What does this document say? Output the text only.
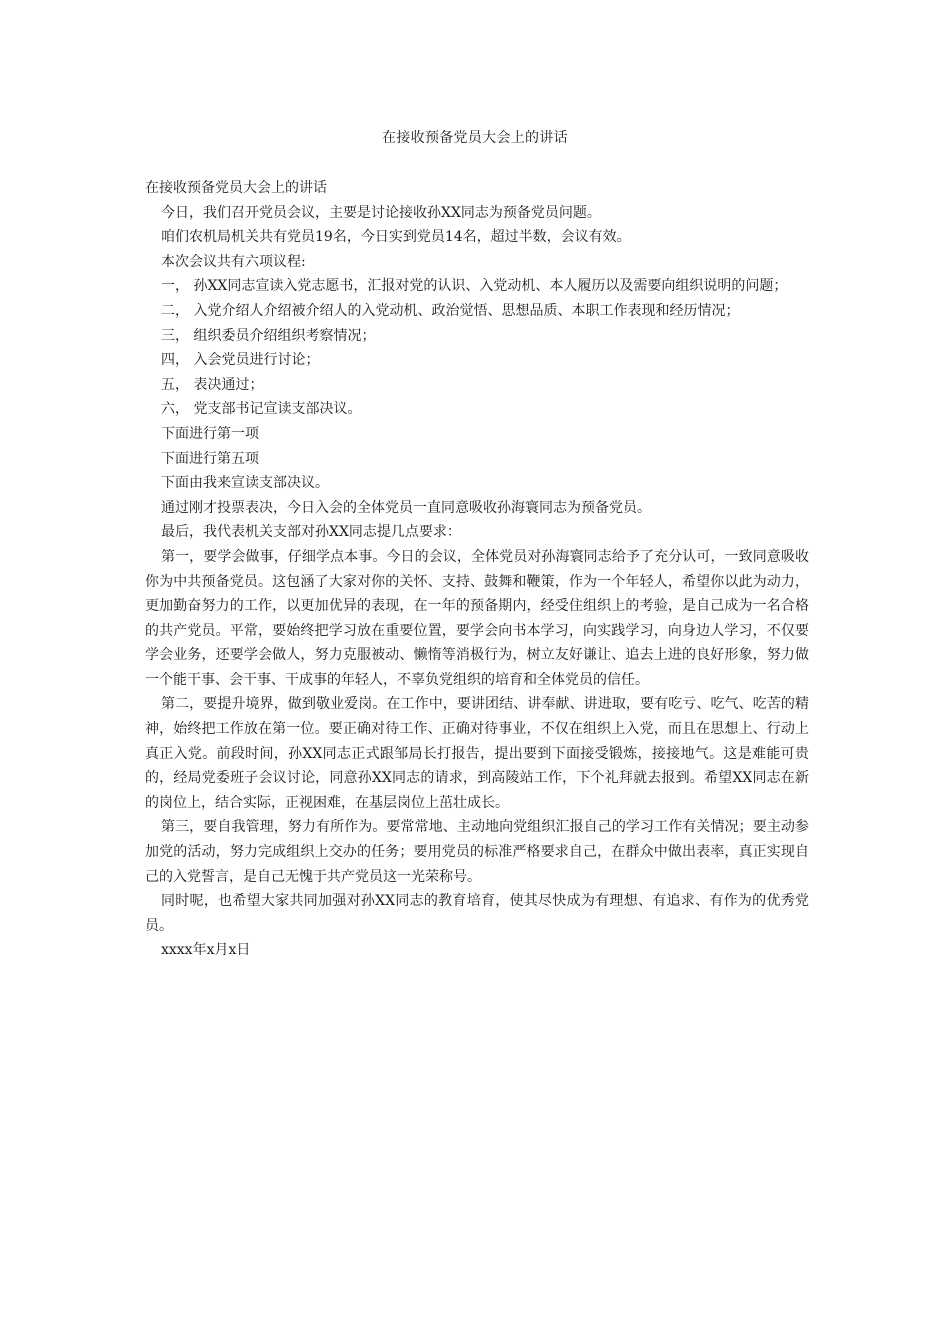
在接收预备党员大会上的讲话

在接收预备党员大会上的讲话

今日，我们召开党员会议，主要是讨论接收孙XX同志为预备党员问题。

咱们农机局机关共有党员19名，今日实到党员14名，超过半数，会议有效。

本次会议共有六项议程:

一， 孙XX同志宣读入党志愿书，汇报对党的认识、入党动机、本人履历以及需要向组织说明的问题；

二， 入党介绍人介绍被介绍人的入党动机、政治觉悟、思想品质、本职工作表现和经历情况；

三， 组织委员介绍组织考察情况；

四， 入会党员进行讨论；

五， 表决通过；

六， 党支部书记宣读支部决议。

下面进行第一项

下面进行第五项

下面由我来宣读支部决议。

通过刚才投票表决，今日入会的全体党员一直同意吸收孙海寰同志为预备党员。

最后，我代表机关支部对孙XX同志提几点要求：

第一，要学会做事，仔细学点本事。今日的会议，全体党员对孙海寰同志给予了充分认可，一致同意吸收你为中共预备党员。这包涵了大家对你的关怀、支持、鼓舞和鞭策，作为一个年轻人，希望你以此为动力，更加勤奋努力的工作，以更加优异的表现，在一年的预备期内，经受住组织上的考验，是自己成为一名合格的共产党员。平常，要始终把学习放在重要位置，要学会向书本学习，向实践学习，向身边人学习，不仅要学会业务，还要学会做人，努力克服被动、懒惰等消极行为，树立友好谦让、追去上进的良好形象，努力做一个能干事、会干事、干成事的年轻人，不辜负党组织的培育和全体党员的信任。

第二，要提升境界，做到敬业爱岗。在工作中，要讲团结、讲奉献、讲进取，要有吃亏、吃气、吃苦的精神，始终把工作放在第一位。要正确对待工作、正确对待事业，不仅在组织上入党，而且在思想上、行动上真正入党。前段时间，孙XX同志正式跟邹局长打报告，提出要到下面接受锻炼，接接地气。这是难能可贵的，经局党委班子会议讨论，同意孙XX同志的请求，到高陵站工作，下个礼拜就去报到。希望XX同志在新的岗位上，结合实际，正视困难，在基层岗位上茁壮成长。

第三，要自我管理，努力有所作为。要常常地、主动地向党组织汇报自己的学习工作有关情况；要主动参加党的活动，努力完成组织上交办的任务；要用党员的标准严格要求自己，在群众中做出表率，真正实现自己的入党誓言，是自己无愧于共产党员这一光荣称号。

同时呢，也希望大家共同加强对孙XX同志的教育培育，使其尽快成为有理想、有追求、有作为的优秀党员。

xxxx年x月x日
